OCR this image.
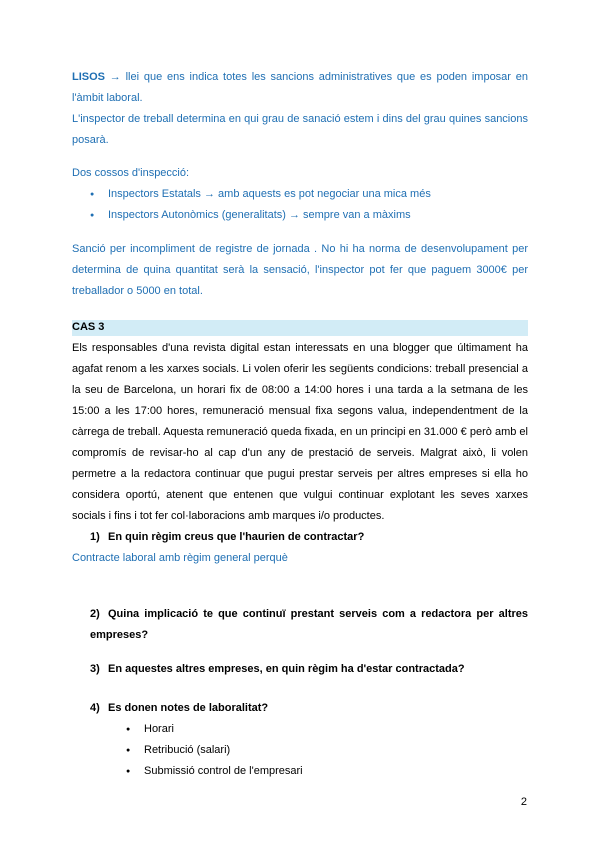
LISOS → llei que ens indica totes les sancions administratives que es poden imposar en l'àmbit laboral.
L'inspector de treball determina en qui grau de sanació estem i dins del grau quines sancions posarà.
Dos cossos d'inspecció:
● Inspectors Estatals → amb aquests es pot negociar una mica més
● Inspectors Autonòmics (generalitats) → sempre van a màxims
Sanció per incompliment de registre de jornada . No hi ha norma de desenvolupament per determina de quina quantitat serà la sensació, l'inspector pot fer que paguem 3000€ per treballador o 5000 en total.
CAS 3
Els responsables d'una revista digital estan interessats en una blogger que últimament ha agafat renom a les xarxes socials. Li volen oferir les següents condicions: treball presencial a la seu de Barcelona, un horari fix de 08:00 a 14:00 hores i una tarda a la setmana de les 15:00 a les 17:00 hores, remuneració mensual fixa segons valua, independentment de la càrrega de treball. Aquesta remuneració queda fixada, en un principi en 31.000 € però amb el compromís de revisar-ho al cap d'un any de prestació de serveis. Malgrat això, li volen permetre a la redactora continuar que pugui prestar serveis per altres empreses si ella ho considera oportú, atenent que entenen que vulgui continuar explotant les seves xarxes socials i fins i tot fer col·laboracions amb marques i/o productes.
1) En quin règim creus que l'haurien de contractar?
Contracte laboral amb règim general perquè
2) Quina implicació te que continuï prestant serveis com a redactora per altres empreses?
3) En aquestes altres empreses, en quin règim ha d'estar contractada?
4) Es donen notes de laboralitat?
● Horari
● Retribució (salari)
● Submissió control de l'empresari
2
